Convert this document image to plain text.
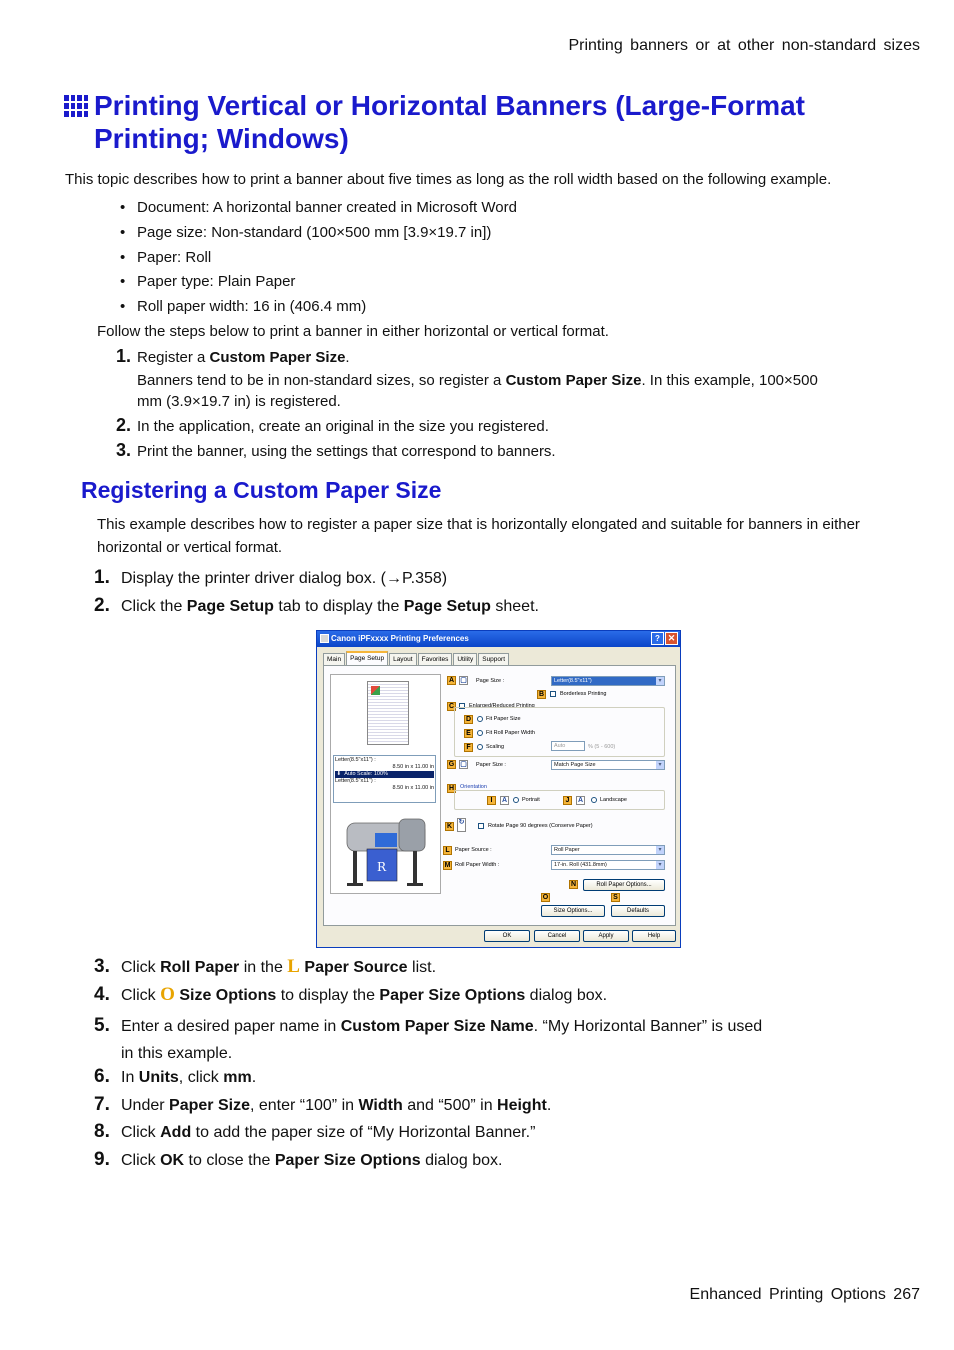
Printing banners or at other non-standard sizes
Printing Vertical or Horizontal Banners (Large-Format
Printing; Windows)
This topic describes how to print a banner about five times as long as the roll width based on the following example.
• Document: A horizontal banner created in Microsoft Word
• Page size: Non-standard (100×500 mm [3.9×19.7 in])
• Paper: Roll
• Paper type: Plain Paper
• Roll paper width: 16 in (406.4 mm)
Follow the steps below to print a banner in either horizontal or vertical format.
1. Register a Custom Paper Size.
Banners tend to be in non-standard sizes, so register a Custom Paper Size. In this example, 100×500
mm (3.9×19.7 in) is registered.
2. In the application, create an original in the size you registered.
3. Print the banner, using the settings that correspond to banners.
Registering a Custom Paper Size
This example describes how to register a paper size that is horizontally elongated and suitable for banners in either horizontal or vertical format.
1. Display the printer driver dialog box. (→P.358)
2. Click the Page Setup tab to display the Page Setup sheet.
Canon iPFxxxx Printing Preferences	? ✕
Main	Page Setup	Layout	Favorites	Utility	Support
Letter(8.5"x11") :
8.50 in x 11.00 in
⬇  Auto Scale: 100%
Letter(8.5"x11") :
8.50 in x 11.00 in
R
A ▢ Page Size :	Letter(8.5"x11")	▾
B	Borderless Printing
C	Enlarged/Reduced Printing
D	Fit Paper Size
E	Fit Roll Paper Width
F	Scaling	Auto	% (5 - 600)
G ▢ Paper Size :	Match Page Size	▾
H	Orientation
I	A	Portrait	J	A	Landscape
K
↻	Rotate Page 90 degrees (Conserve Paper)
L Paper Source :	Roll Paper	▾
M Roll Paper Width :	17-in. Roll (431.8mm)	▾
N	Roll Paper Options...
O	S
Size Options...	Defaults
OK	Cancel	Apply	Help
3. Click Roll Paper in the L Paper Source list.
4. Click O Size Options to display the Paper Size Options dialog box.
5. Enter a desired paper name in Custom Paper Size Name. “My Horizontal Banner” is used
in this example.
6. In Units, click mm.
7. Under Paper Size, enter “100” in Width and “500” in Height.
8. Click Add to add the paper size of “My Horizontal Banner.”
9. Click OK to close the Paper Size Options dialog box.
Enhanced Printing Options 267
